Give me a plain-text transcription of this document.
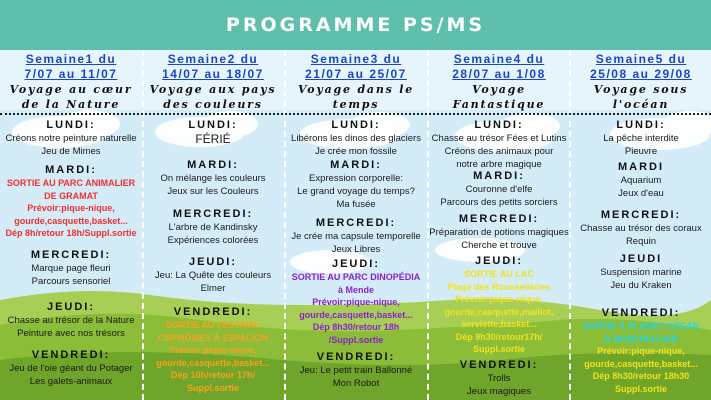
PROGRAMME PS/MS
Semaine1 du
7/07 au 11/07
Voyage au cœur
de la Nature
LUNDI:
Créons notre peinture naturelle
Jeu de Mimes
MARDI:
SORTIE AU PARC ANIMALIER
DE GRAMAT
Prévoir:pique-nique,
gourde,casquette,basket...
Dép 8h/retour 18h/Suppl.sortie
MERCREDI:
Marque page fleuri
Parcours sensoriel
JEUDI:
Chasse au trésor de la Nature
Peinture avec nos trésors
VENDREDI:
Jeu de l'oie géant du Potager
Les galets-animaux
Semaine2 du
14/07 au 18/07
Voyage aux pays
des couleurs
LUNDI:
FÉRIÉ
MARDI:
On mélange les couleurs
Jeux sur les Couleurs
MERCREDI:
L'arbre de Kandinsky
Expériences colorées
JEUDI:
Jeu: La Quête des couleurs
Elmer
VENDREDI:
SORTIE AU FESTIVAL
CAPMÔMES À ESPALION
Prévoir:pique-nique,
gourde,casquette,basket...
Dép 10h/retour 17h/
Suppl.sortie
Semaine3 du
21/07 au 25/07
Voyage dans le
temps
LUNDI:
Libérons les dinos des glaciers
Je crée mon fossile
MARDI:
Expression corporelle:
Le grand voyage du temps?
Ma fusée
MERCREDI:
Je crée ma capsule temporelle
Jeux Libres
JEUDI:
SORTIE AU PARC DINOPÉDIA
à Mende
Prévoir:pique-nique,
gourde,casquette,basket...
Dép 8h30/retour 18h
/Suppl.sortie
VENDREDI:
Jeu: Le petit train Ballonné
Mon Robot
Semaine4 du
28/07 au 1/08
Voyage
Fantastique
LUNDI:
Chasse au trésor Fées et Lutins
Créons des animaux pour
notre arbre magique
MARDI:
Couronne d'elfe
Parcours des petits sorciers
MERCREDI:
Préparation de potions magiques
Cherche et trouve
JEUDI:
SORTIE AU LAC
Plage des Rousselleries
Prévoir:pique-nique,
gourde,casquette,maillot,
serviette,basket...
Dép 9h30/retour17h/
Suppl.sortie
VENDREDI:
Trolls
Jeux magiques
Semaine5 du
25/08 au 29/08
Voyage sous
l'océan
LUNDI:
La pêche interdite
Pieuvre
MARDI
Aquarium
Jeux d'eau
MERCREDI:
Chasse au trésor des coraux
Requin
JEUDI
Suspension marine
Jeu du Kraken
VENDREDI:
SORTIE À PLANET OCEAN
À MONTPELLIER
Prévoir:pique-nique,
gourde,casquette,basket...
Dép 8h30/retour 18h30
Suppl.sortie
